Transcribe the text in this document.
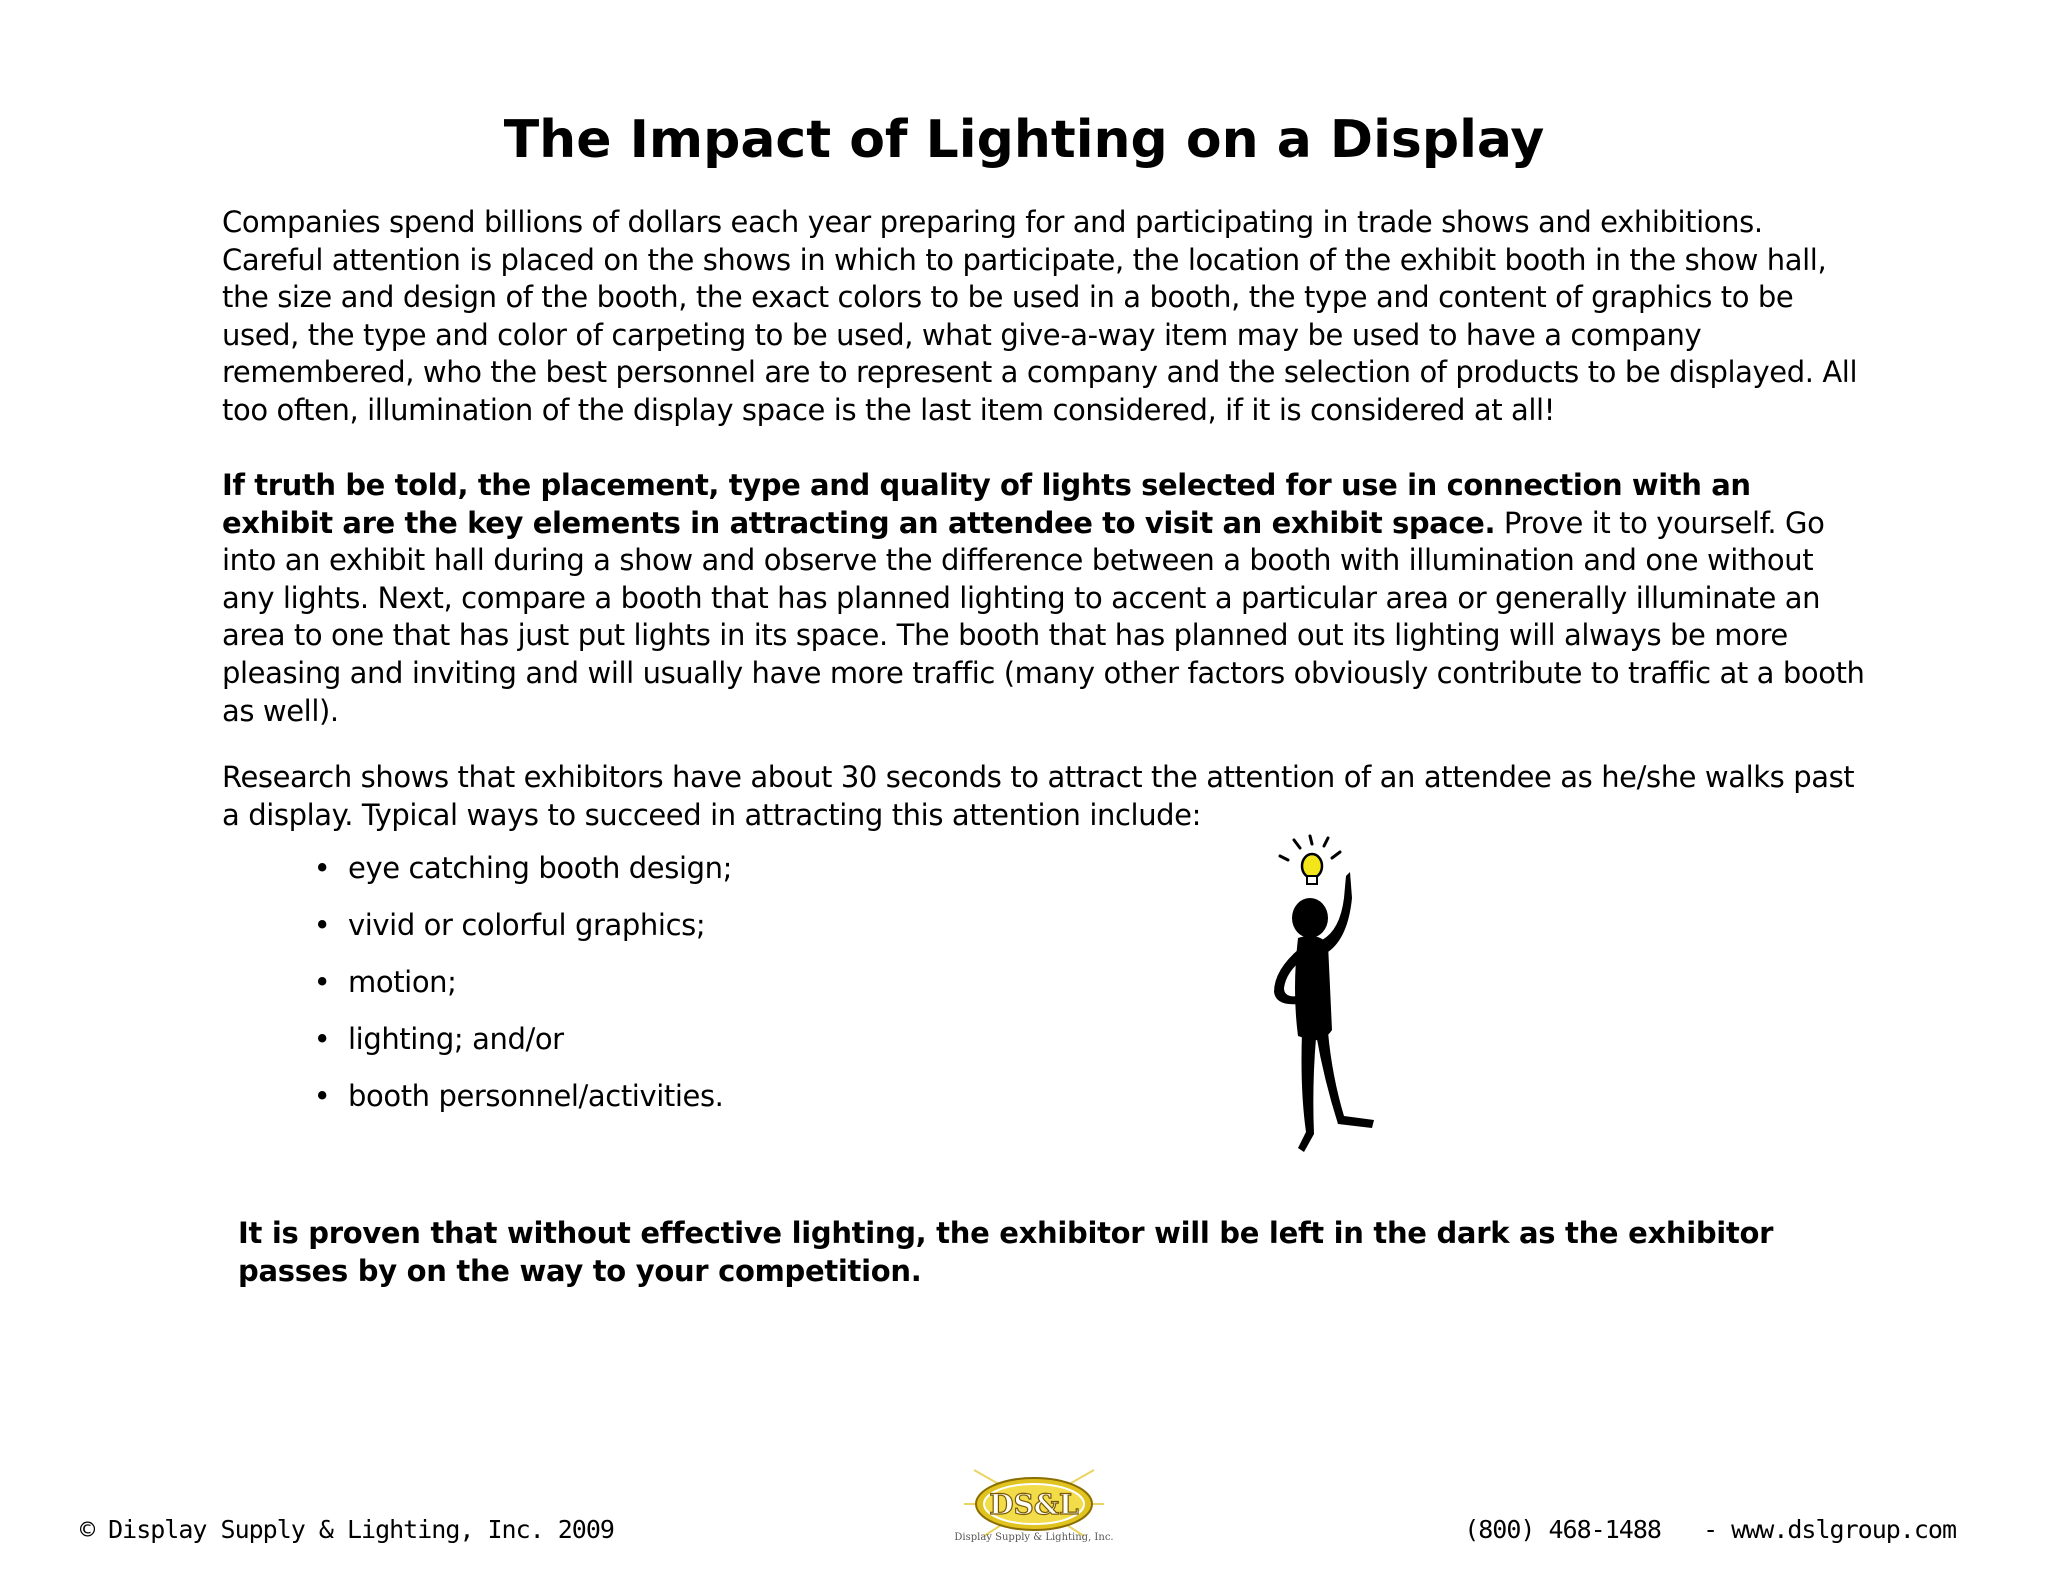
The Impact of Lighting on a Display
Companies spend billions of dollars each year preparing for and participating in trade shows and exhibitions.
Careful attention is placed on the shows in which to participate, the location of the exhibit booth in the show hall,
the size and design of the booth, the exact colors to be used in a booth, the type and content of graphics to be
used, the type and color of carpeting to be used, what give-a-way item may be used to have a company
remembered, who the best personnel are to represent a company and the selection of products to be displayed. All
too often, illumination of the display space is the last item considered, if it is considered at all!
If truth be told, the placement, type and quality of lights selected for use in connection with an
exhibit are the key elements in attracting an attendee to visit an exhibit space. Prove it to yourself. Go
into an exhibit hall during a show and observe the difference between a booth with illumination and one without
any lights. Next, compare a booth that has planned lighting to accent a particular area or generally illuminate an
area to one that has just put lights in its space. The booth that has planned out its lighting will always be more
pleasing and inviting and will usually have more traffic (many other factors obviously contribute to traffic at a booth
as well).
Research shows that exhibitors have about 30 seconds to attract the attention of an attendee as he/she walks past
a display. Typical ways to succeed in attracting this attention include:
• eye catching booth design;
• vivid or colorful graphics;
• motion;
• lighting; and/or
• booth personnel/activities.
It is proven that without effective lighting, the exhibitor will be left in the dark as the exhibitor
passes by on the way to your competition.
© Display Supply & Lighting, Inc. 2009
DS&L
Display Supply & Lighting, Inc.	(800) 468-1488   - www.dslgroup.com
